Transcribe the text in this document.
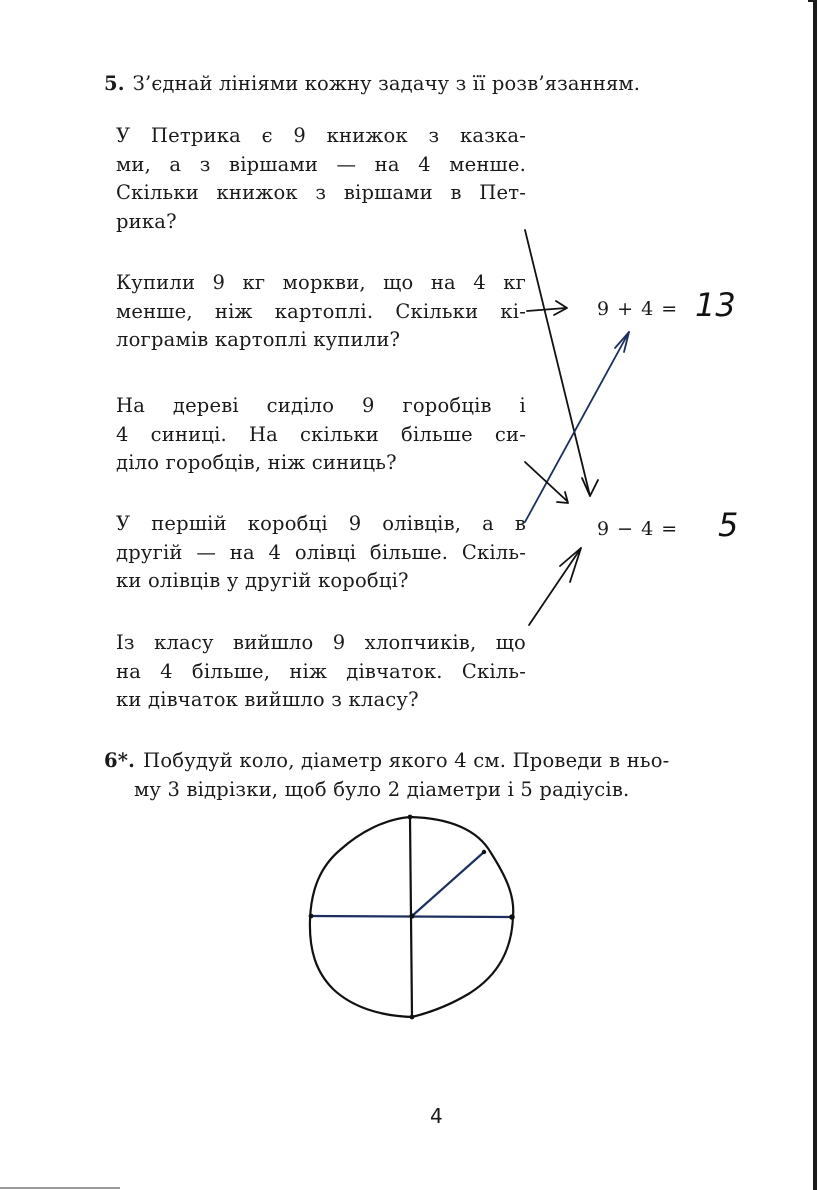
5. З’єднай лініями кожну задачу з її розв’язанням.
У Петрика є 9 книжок з казка-
ми, а з віршами — на 4 менше.
Скільки книжок з віршами в Пет-
рика?
Купили 9 кг моркви, що на 4 кг
менше, ніж картоплі. Скільки кі-
лограмів картоплі купили?
На дереві сиділо 9 горобців і
4 синиці. На скільки більше си-
діло горобців, ніж синиць?
У першій коробці 9 олівців, а в
другій — на 4 олівці більше. Скіль-
ки олівців у другій коробці?
Із класу вийшло 9 хлопчиків, що
на 4 більше, ніж дівчаток. Скіль-
ки дівчаток вийшло з класу?
9 + 4 = 13
9 − 4 = 5
6*. Побудуй коло, діаметр якого 4 см. Проведи в ньо-
му 3 відрізки, щоб було 2 діаметри і 5 радіусів.
4
